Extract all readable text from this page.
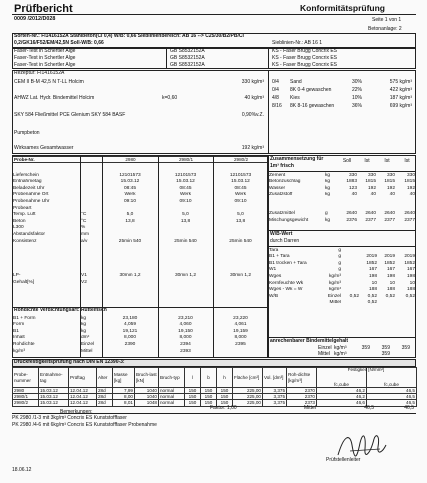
Prüfbericht
0009 /2012/D028
Konformitätsprüfung
Seite 1 von 1
Betonanlage: 2
Sorten-Nr.: FI1416152A Stahlbeton(CI 0,4) W/B: 0,66 Sieblinienbereich: AB 16 --> C25/30/B2/PB/CI
0,2/GK16/F52/EM/42,5N Soll-W/B: 0,66	Sieblinien-Nr.: AB 16 1
Faser-Test in Schertler Alge	GB S8532152A	KS - Faser Brugg Concrix ES
Faser-Test in Schertler Alge	GB S8532152A	KS - Faser Brugg Concrix ES
Faser-Test in Schertler Alge	GB S8532152A	KS - Faser Brugg Concrix ES
Rezeptur: FI1416152A
CEM II B-M 42,5 N T-LL Holcim	330 kg/m³
AHWZ Lat. Hydr. Bindemittel Holcim	k=0,60	40 kg/m³
SKY 584 Fließmittel PCE Glenium SKY 584 BASF	0,90%v.Z.
Pumpbeton
Wirksames Gesamtwasser	192 kg/m³
0/4 Sand	30%	575 kg/m³
0/4 8K 0-4 gewaschen	22%	422 kg/m³
4/8 Kies	10%	187 kg/m³
8/16 8K 8-16 gewaschen	36%	699 kg/m³
Probe-Nr.		2980	2980/1	2980/2
Lieferschein		12101573	12101573	12101573
Entnahmetag		15.03.12	15.03.12	15.03.12
Beladezeit Uhr		08:45	08:45	08:45
Probenahme Ort		Werk	Werk	Werk
Probenahme Uhr		09:10	09:10	09:10
Probeart				
Temp. Luft	°C	5,0	5,0	5,0
Beton	°C	13,8	13,8	13,8
L300	%			
Abstandsfaktor	mm			
Konsistenz	a/v	25min 540	25min 540	25min 540

LP-	V1	30min 1,2	30min 1,2	30min 1,2
Gehalt[%]	V2			
Rohdichte Verdichtungsart: Rüttelfisch
B1 + Form	kg	23,180	23,210	23,220
Form	kg	4,059	4,060	4,061
B1	kg	19,121	19,150	19,159
Inhalt	dm³	8,000	8,000	8,000
Rohdichte	Einzel	2390	2394	2395
kg/m³	Mittel		2393	
Zusammensetzung für
1m³ frisch
Soll	Ist	Ist	Ist
Zement	kg	330	330	330	330
Betonzuschlag	kg	1883	1815	1815	1815
Wasser	kg	123	192	192	192
Zusatzstoff	kg	40	40	40	40

Zusatzmittel	g	2640	2640	2640	2640
Mischungsgewicht	kg	2376	2377	2377	2377
W/B-Wert
durch Darren
Tara	g				
B1 + Tara	g		2019	2019	2019
B1 trocken + Tara	g		1852	1852	1852
W1	g		167	167	167
Wges	kg/m³		198	198	198
Kernfeuchte Wk	kg/m³		10	10	10
Wges - Wk = W	kg/m³		188	188	188
W/B	Einzel	0,52	0,52	0,52	0,52
	Mittel		0,52		
anrechenbarer Bindemittelgehalt
Einzel kg/m³	359	359	359
Mittel kg/m³	359
Druckfestigkeitsprüfung nach DIN EN 12390-3:
Probe-nummer	Entnahme-tag	Prüftag	Alter	Masse [kg]	Bruch-last [kN]	Bruch-typ	l	b	h	Fläche [cm²]	Vol. [dm³]	Roh-dichte [kg/m³]	fc,cube	fc,cube
2980	15.03.12	12.04.12	28d	7,99	1040	normal	150	150	150	225,00	3,375	2370	46,2	46,5
2980/1	15.03.12	12.04.12	28d	8,00	1040	normal	150	150	150	225,00	3,375	2370	46,2	46,5
2980/2	15.03.12	12.04.12	28d	8,01	1048	normal	150	150	150	225,00	3,375	2373	46,6	46,5
Festigkeit [N/mm²]
Bemerkungen:
Faktor: 1,00	Mittel	46,5	46,5
PK 2980 /1-3 mit 3kg/m³ Concrix ES Kunststofffaser
PK 2980 /4-6 mit 6kg/m³ Concrix ES Kunststofffaser Probenahme
18.06.12
Prüfstellenleiter
